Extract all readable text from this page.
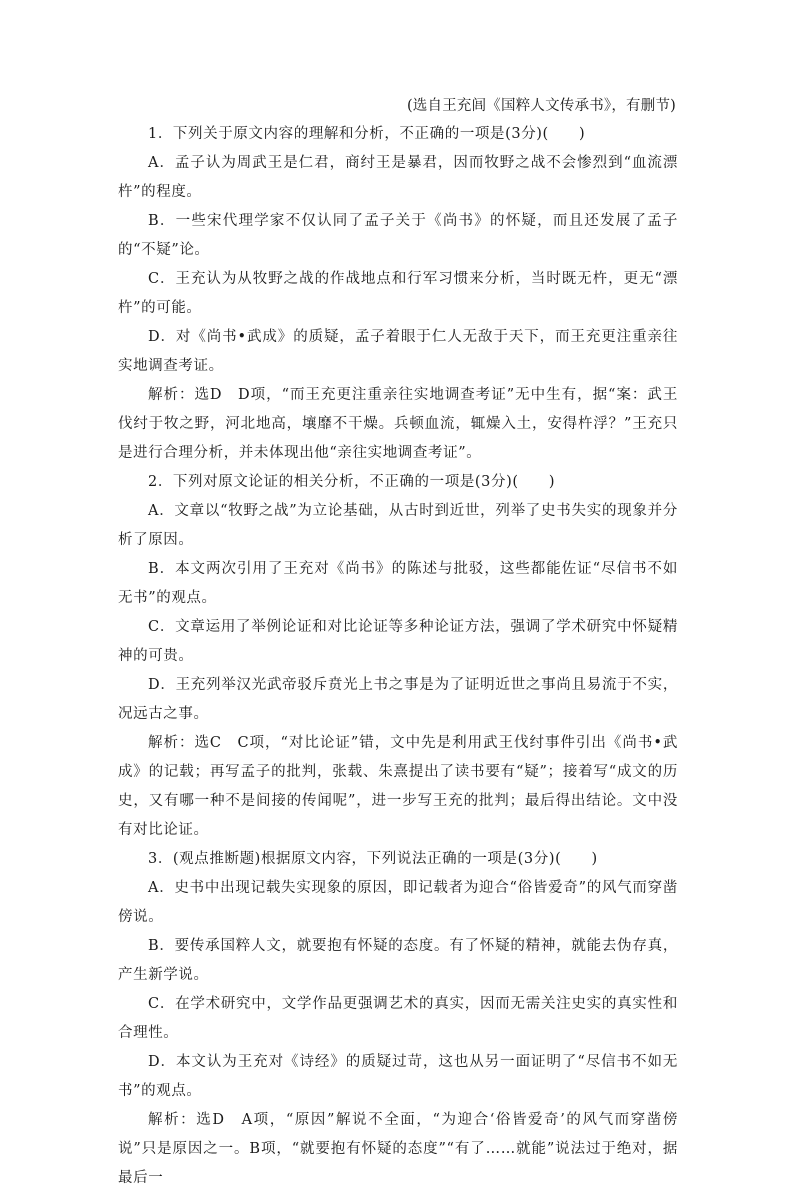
(选自王充闾《国粹人文传承书》，有删节)

1．下列关于原文内容的理解和分析，不正确的一项是(3分)(　　)

A．孟子认为周武王是仁君，商纣王是暴君，因而牧野之战不会惨烈到“血流漂杵”的程度。

B．一些宋代理学家不仅认同了孟子关于《尚书》的怀疑，而且还发展了孟子的“不疑”论。

C．王充认为从牧野之战的作战地点和行军习惯来分析，当时既无杵，更无“漂杵”的可能。

D．对《尚书•武成》的质疑，孟子着眼于仁人无敌于天下，而王充更注重亲往实地调查考证。

解析：选D　D项，“而王充更注重亲往实地调查考证”无中生有，据“案：武王伐纣于牧之野，河北地高，壤靡不干燥。兵顿血流，辄燥入土，安得杵浮？”王充只是进行合理分析，并未体现出他“亲往实地调查考证”。

2．下列对原文论证的相关分析，不正确的一项是(3分)(　　)

A．文章以“牧野之战”为立论基础，从古时到近世，列举了史书失实的现象并分析了原因。

B．本文两次引用了王充对《尚书》的陈述与批驳，这些都能佐证“尽信书不如无书”的观点。

C．文章运用了举例论证和对比论证等多种论证方法，强调了学术研究中怀疑精神的可贵。

D．王充列举汉光武帝驳斥贲光上书之事是为了证明近世之事尚且易流于不实，况远古之事。

解析：选C　C项，“对比论证”错，文中先是利用武王伐纣事件引出《尚书•武成》的记载；再写孟子的批判，张载、朱熹提出了读书要有“疑”；接着写“成文的历史，又有哪一种不是间接的传闻呢”，进一步写王充的批判；最后得出结论。文中没有对比论证。

3．(观点推断题)根据原文内容，下列说法正确的一项是(3分)(　　)

A．史书中出现记载失实现象的原因，即记载者为迎合“俗皆爱奇”的风气而穿凿傍说。

B．要传承国粹人文，就要抱有怀疑的态度。有了怀疑的精神，就能去伪存真，产生新学说。

C．在学术研究中，文学作品更强调艺术的真实，因而无需关注史实的真实性和合理性。

D．本文认为王充对《诗经》的质疑过苛，这也从另一面证明了“尽信书不如无书”的观点。

解析：选D　A项，“原因”解说不全面，“为迎合‘俗皆爱奇’的风气而穿凿傍说”只是原因之一。B项，“就要抱有怀疑的态度”“有了……就能”说法过于绝对，据最后一
